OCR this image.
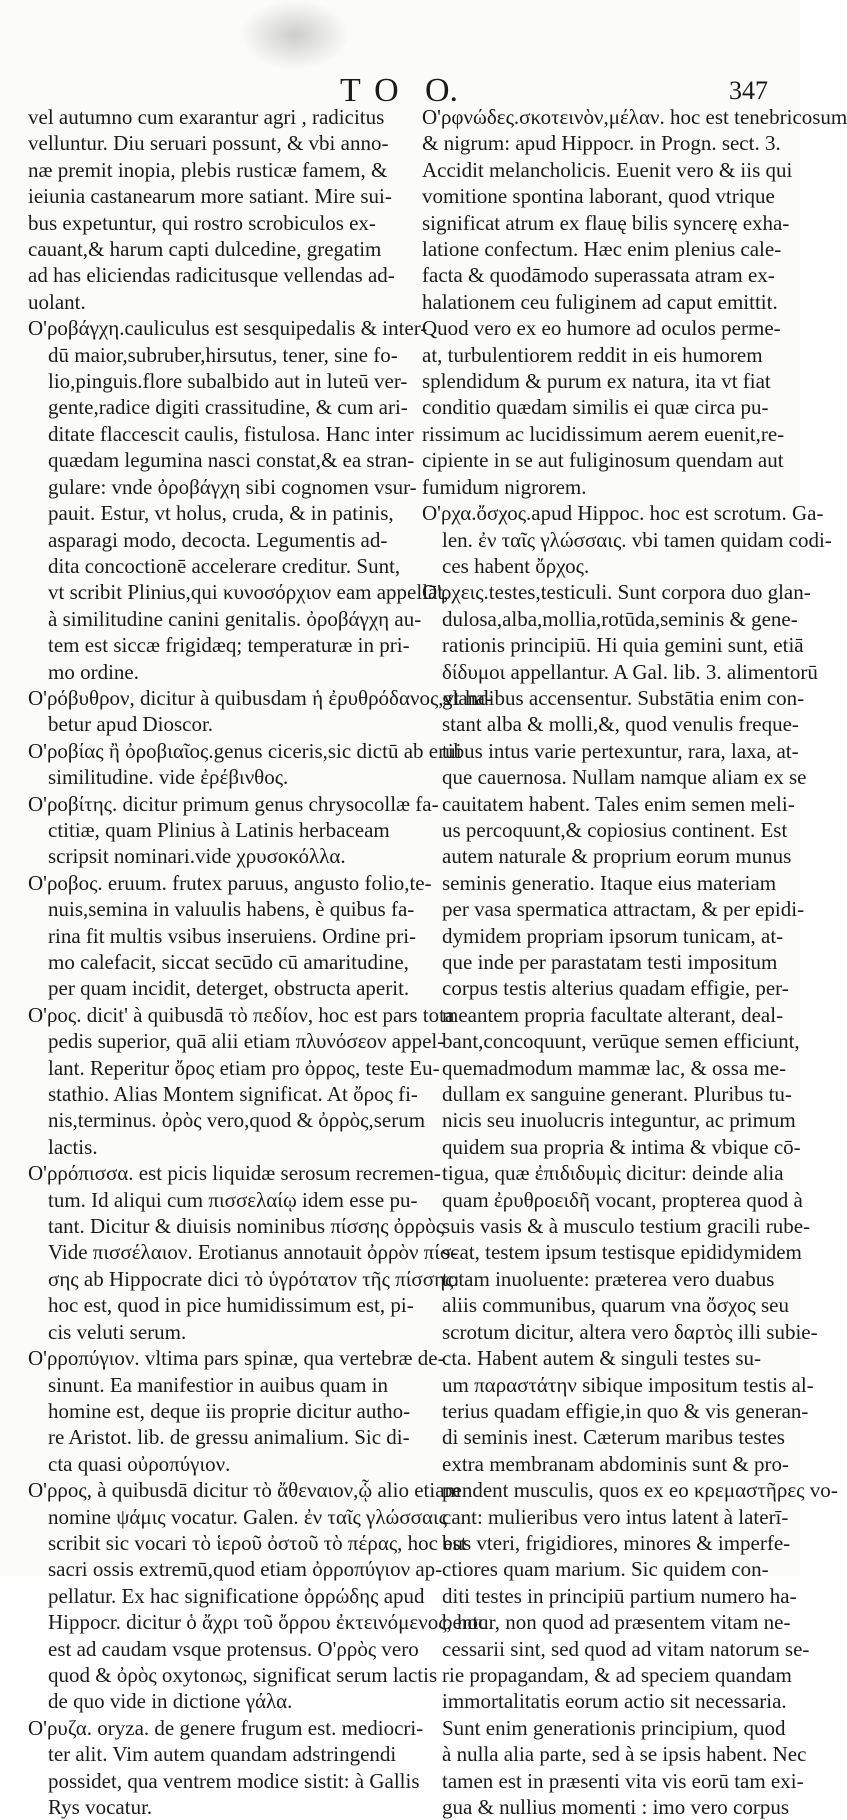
TO O.	347
vel autumno cum exarantur agri , radicitus
velluntur. Diu seruari possunt, & vbi anno-
næ premit inopia, plebis rusticæ famem, &
ieiunia castanearum more satiant. Mire sui-
bus expetuntur, qui rostro scrobiculos ex-
cauant,& harum capti dulcedine, gregatim
ad has eliciendas radicitusque vellendas ad-
uolant.
Ο'ροβάγχη.cauliculus est sesquipedalis & inter-
dū maior,subruber,hirsutus, tener, sine fo-
lio,pinguis.flore subalbido aut in luteū ver-
gente,radice digiti crassitudine, & cum ari-
ditate flaccescit caulis, fistulosa. Hanc inter
quædam legumina nasci constat,& ea stran-
gulare: vnde ὀροβάγχη sibi cognomen vsur-
pauit. Estur, vt holus, cruda, & in patinis,
asparagi modo, decocta. Legumentis ad-
dita concoctionē accelerare creditur. Sunt,
vt scribit Plinius,qui κυνοσόρχιον eam appellāt,
à similitudine canini genitalis. ὀροβάγχη au-
tem est siccæ frigidæq; temperaturæ in pri-
mo ordine.
Ο'ρόβυθρον, dicitur à quibusdam ἡ ἐρυθρόδανος,vt ha-
betur apud Dioscor.
Ο'ροβίας ἢ ὀροβιαῖος.genus ciceris,sic dictū ab erui
similitudine. vide ἐρέβινθος.
Ο'ροβίτης. dicitur primum genus chrysocollæ fa-
ctitiæ, quam Plinius à Latinis herbaceam
scripsit nominari.vide χρυσοκόλλα.
Ο'ροβος. eruum. frutex paruus, angusto folio,te-
nuis,semina in valuulis habens, è quibus fa-
rina fit multis vsibus inseruiens. Ordine pri-
mo calefacit, siccat secūdo cū amaritudine,
per quam incidit, deterget, obstructa aperit.
Ο'ρος. dicit' à quibusdā τὸ πεδίον, hoc est pars tota
pedis superior, quā alii etiam πλυνόσεον appel-
lant. Reperitur ὄρος etiam pro ὀρρος, teste Eu-
stathio. Alias Montem significat. At ὄρος fi-
nis,terminus. ὀρὸς vero,quod & ὀρρὸς,serum
lactis.
Ο'ρρόπισσα. est picis liquidæ serosum recremen-
tum. Id aliqui cum πισσελαίῳ idem esse pu-
tant. Dicitur & diuisis nominibus πίσσης ὀρρὸς
Vide πισσέλαιον. Erotianus annotauit ὀρρὸν πίσ-
σης ab Hippocrate dici τὸ ὑγρότατον τῆς πίσσης:
hoc est, quod in pice humidissimum est, pi-
cis veluti serum.
Ο'ρροπύγιον. vltima pars spinæ, qua vertebræ de-
sinunt. Ea manifestior in auibus quam in
homine est, deque iis proprie dicitur autho-
re Aristot. lib. de gressu animalium. Sic di-
cta quasi οὐροπύγιον.
Ο'ρρος, à quibusdā dicitur τὸ ἄθεναιον,ᾧ alio etiam
nomine ψάμις vocatur. Galen. ἐν ταῖς γλώσσαις
scribit sic vocari τὸ ἱεροῦ ὀστοῦ τὸ πέρας, hoc est
sacri ossis extremū,quod etiam ὀρροπύγιον ap-
pellatur. Ex hac significatione ὀρρώδης apud
Hippocr. dicitur ὁ ἄχρι τοῦ ὄρρου ἐκτεινόμενος, hoc
est ad caudam vsque protensus. Ο'ρρὸς vero
quod & ὀρὸς oxytonως, significat serum lactis
de quo vide in dictione γάλα.
Ο'ρυζα. oryza. de genere frugum est. mediocri-
ter alit. Vim autem quandam adstringendi
possidet, qua ventrem modice sistit: à Gallis
Rys vocatur.
Ο'ρφνώδες.σκοτεινὸν,μέλαν. hoc est tenebricosum
& nigrum: apud Hippocr. in Progn. sect. 3.
Accidit melancholicis. Euenit vero & iis qui
vomitione spontina laborant, quod vtrique
significat atrum ex flauę bilis syncerę exha-
latione confectum. Hæc enim plenius cale-
facta & quodāmodo superassata atram ex-
halationem ceu fuliginem ad caput emittit.
Quod vero ex eo humore ad oculos perme-
at, turbulentiorem reddit in eis humorem
splendidum & purum ex natura, ita vt fiat
conditio quædam similis ei quæ circa pu-
rissimum ac lucidissimum aerem euenit,re-
cipiente in se aut fuliginosum quendam aut
fumidum nigrorem.
Ο'ρχα.ὄσχος.apud Hippoc. hoc est scrotum. Ga-
len. ἐν ταῖς γλώσσαις. vbi tamen quidam codi-
ces habent ὄρχος.
Ο'ρχεις.testes,testiculi. Sunt corpora duo glan-
dulosa,alba,mollia,rotūda,seminis & gene-
rationis principiū. Hi quia gemini sunt, etiā
δίδυμοι appellantur. A Gal. lib. 3. alimentorū
glandibus accensentur. Substātia enim con-
stant alba & molli,&, quod venulis freque-
tibus intus varie pertexuntur, rara, laxa, at-
que cauernosa. Nullam namque aliam ex se
cauitatem habent. Tales enim semen meli-
us percoquunt,& copiosius continent. Est
autem naturale & proprium eorum munus
seminis generatio. Itaque eius materiam
per vasa spermatica attractam, & per epidi-
dymidem propriam ipsorum tunicam, at-
que inde per parastatam testi impositum
corpus testis alterius quadam effigie, per-
meantem propria facultate alterant, deal-
bant,concoquunt, verūque semen efficiunt,
quemadmodum mammæ lac, & ossa me-
dullam ex sanguine generant. Pluribus tu-
nicis seu inuolucris integuntur, ac primum
quidem sua propria & intima & vbique cō-
tigua, quæ ἐπιδιδυμὶς dicitur: deinde alia
quam ἐρυθροειδῆ vocant, propterea quod à
suis vasis & à musculo testium gracili rube-
scat, testem ipsum testisque epididymidem
totam inuoluente: præterea vero duabus
aliis communibus, quarum vna ὄσχος seu
scrotum dicitur, altera vero δαρτὸς illi subie-
cta. Habent autem & singuli testes su-
um παραστάτην sibique impositum testis al-
terius quadam effigie,in quo & vis generan-
di seminis inest. Cæterum maribus testes
extra membranam abdominis sunt & pro-
pendent musculis, quos ex eo κρεμαστῆρες vo-
cant: mulieribus vero intus latent à laterī-
bus vteri, frigidiores, minores & imperfe-
ctiores quam marium. Sic quidem con-
diti testes in principiū partium numero ha-
bentur, non quod ad præsentem vitam ne-
cessarii sint, sed quod ad vitam natorum se-
rie propagandam, & ad speciem quandam
immortalitatis eorum actio sit necessaria.
Sunt enim generationis principium, quod
à nulla alia parte, sed à se ipsis habent. Nec
tamen est in præsenti vita vis eorū tam exi-
gua & nullius momenti : imo vero corpus
